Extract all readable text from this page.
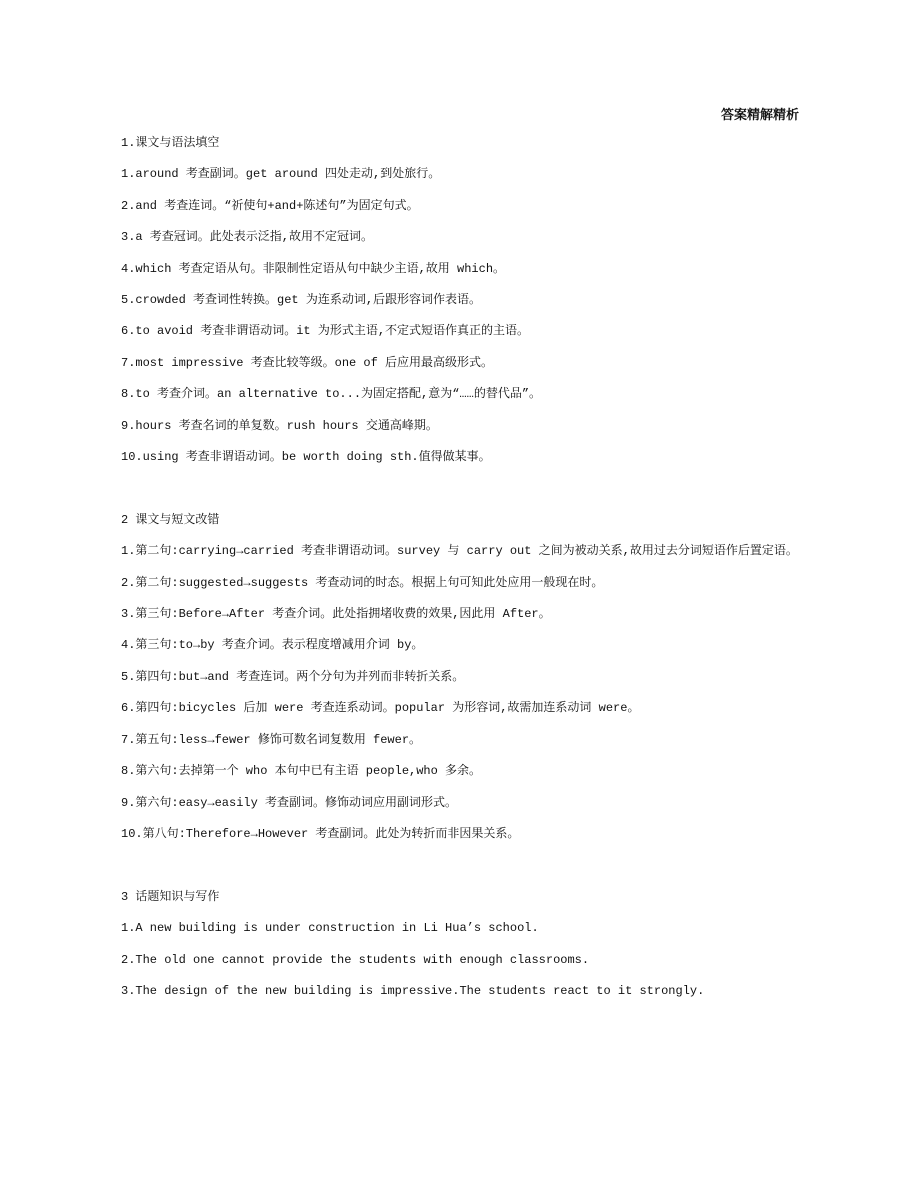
答案精解精析
1.课文与语法填空
1.around 考查副词。get around 四处走动,到处旅行。
2.and 考查连词。“祈使句+and+陈述句”为固定句式。
3.a 考查冠词。此处表示泛指,故用不定冠词。
4.which 考查定语从句。非限制性定语从句中缺少主语,故用 which。
5.crowded 考查词性转换。get 为连系动词,后跟形容词作表语。
6.to avoid 考查非谓语动词。it 为形式主语,不定式短语作真正的主语。
7.most impressive 考查比较等级。one of 后应用最高级形式。
8.to 考查介词。an alternative to...为固定搭配,意为“……的替代品”。
9.hours 考查名词的单复数。rush hours 交通高峰期。
10.using 考查非谓语动词。be worth doing sth.值得做某事。
2 课文与短文改错
1.第二句:carrying→carried 考查非谓语动词。survey 与 carry out 之间为被动关系,故用过去分词短语作后置定语。
2.第二句:suggested→suggests 考查动词的时态。根据上句可知此处应用一般现在时。
3.第三句:Before→After 考查介词。此处指拥堵收费的效果,因此用 After。
4.第三句:to→by 考查介词。表示程度增减用介词 by。
5.第四句:but→and 考查连词。两个分句为并列而非转折关系。
6.第四句:bicycles 后加 were 考查连系动词。popular 为形容词,故需加连系动词 were。
7.第五句:less→fewer 修饰可数名词复数用 fewer。
8.第六句:去掉第一个 who 本句中已有主语 people,who 多余。
9.第六句:easy→easily 考查副词。修饰动词应用副词形式。
10.第八句:Therefore→However 考查副词。此处为转折而非因果关系。
3 话题知识与写作
1.A new building is under construction in Li Hua’s school.
2.The old one cannot provide the students with enough classrooms.
3.The design of the new building is impressive.The students react to it strongly.
